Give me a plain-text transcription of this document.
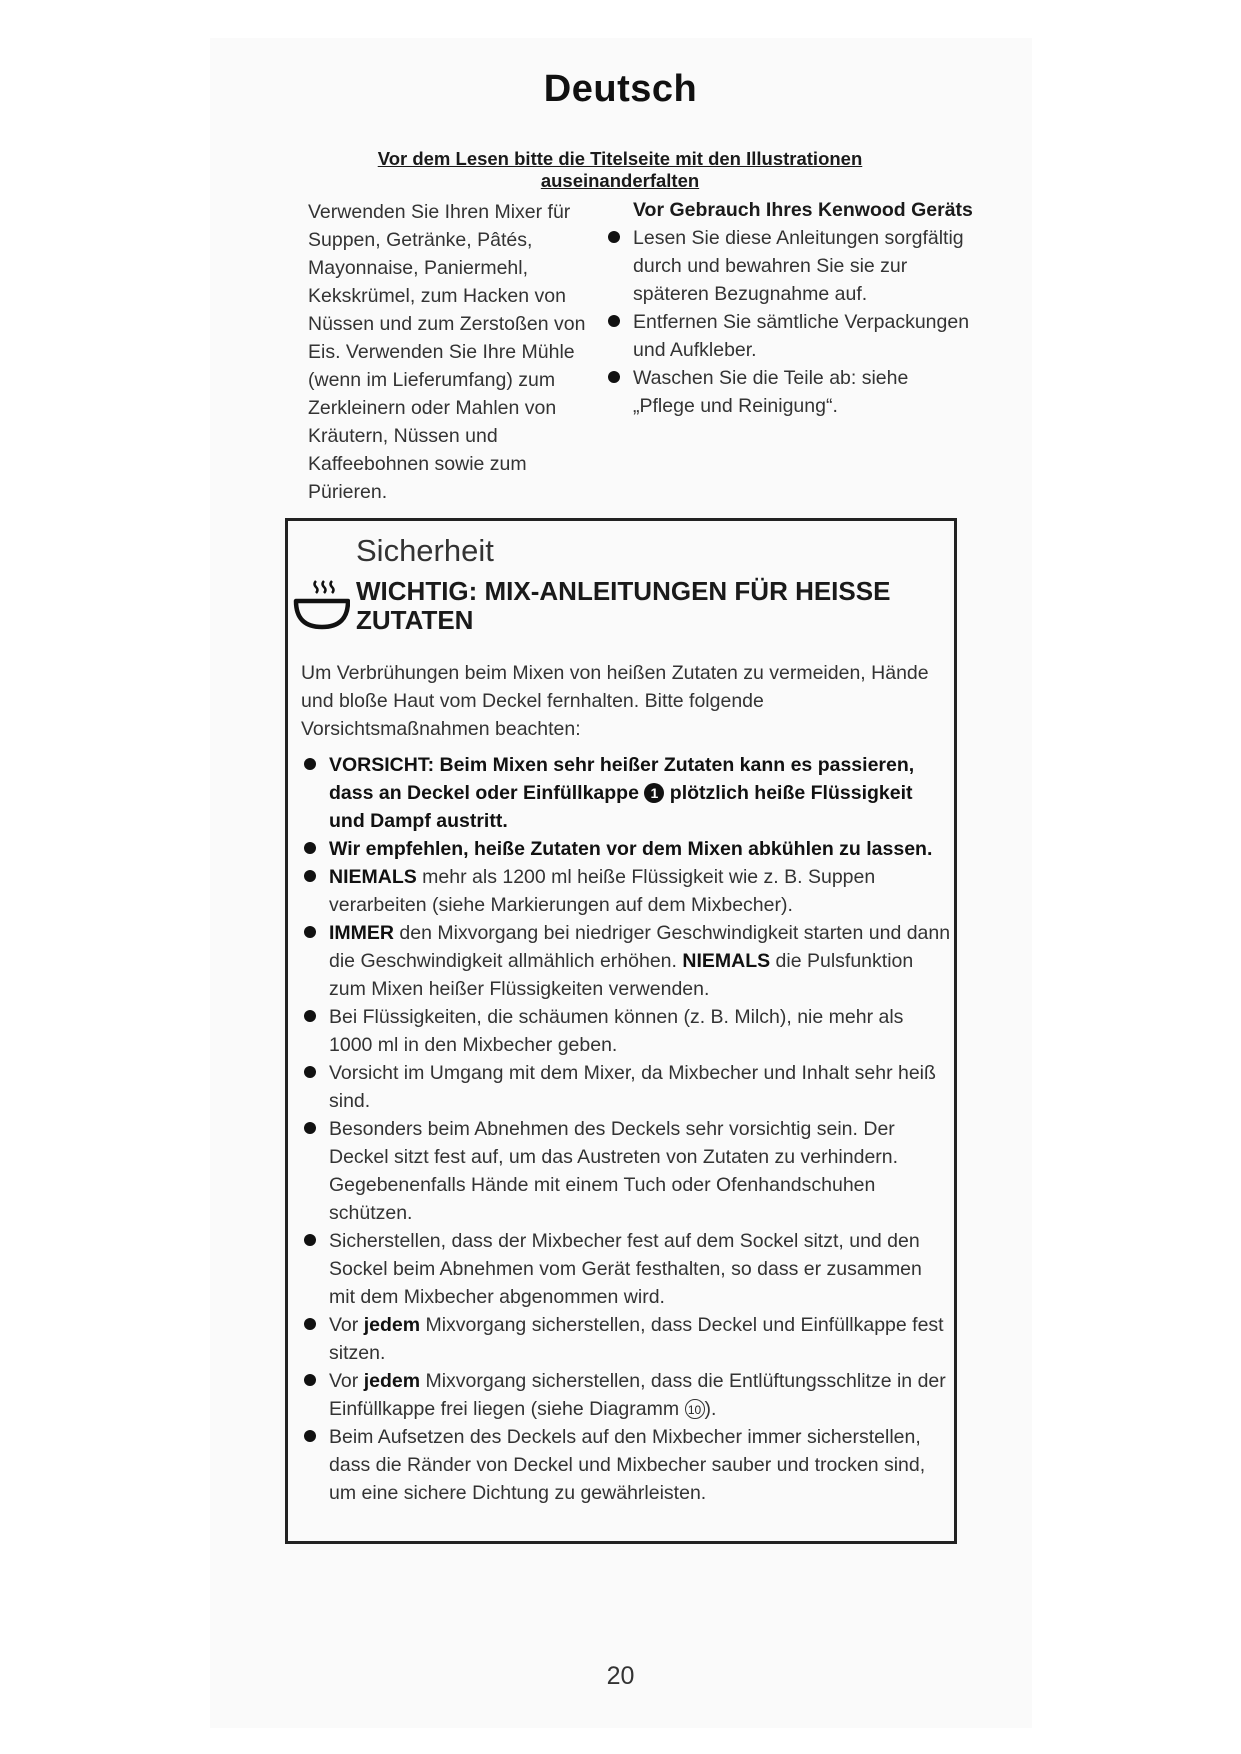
Deutsch
Vor dem Lesen bitte die Titelseite mit den Illustrationen auseinanderfalten
Verwenden Sie Ihren Mixer für Suppen, Getränke, Pâtés, Mayonnaise, Paniermehl, Kekskrümel, zum Hacken von Nüssen und zum Zerstoßen von Eis. Verwenden Sie Ihre Mühle (wenn im Lieferumfang) zum Zerkleinern oder Mahlen von Kräutern, Nüssen und Kaffeebohnen sowie zum Pürieren.

Vor Gebrauch Ihres Kenwood Geräts

Lesen Sie diese Anleitungen sorgfältig durch und bewahren Sie sie zur späteren Bezugnahme auf.
Entfernen Sie sämtliche Verpackungen und Aufkleber.
Waschen Sie die Teile ab: siehe „Pflege und Reinigung“.
Sicherheit
WICHTIG: MIX-ANLEITUNGEN FÜR HEISSE ZUTATEN
Um Verbrühungen beim Mixen von heißen Zutaten zu vermeiden, Hände und bloße Haut vom Deckel fernhalten. Bitte folgende Vorsichtsmaßnahmen beachten:
VORSICHT: Beim Mixen sehr heißer Zutaten kann es passieren, dass an Deckel oder Einfüllkappe 1 plötzlich heiße Flüssigkeit und Dampf austritt.
Wir empfehlen, heiße Zutaten vor dem Mixen abkühlen zu lassen.
NIEMALS mehr als 1200 ml heiße Flüssigkeit wie z. B. Suppen verarbeiten (siehe Markierungen auf dem Mixbecher).
IMMER den Mixvorgang bei niedriger Geschwindigkeit starten und dann die Geschwindigkeit allmählich erhöhen. NIEMALS die Pulsfunktion zum Mixen heißer Flüssigkeiten verwenden.
Bei Flüssigkeiten, die schäumen können (z. B. Milch), nie mehr als 1000 ml in den Mixbecher geben.
Vorsicht im Umgang mit dem Mixer, da Mixbecher und Inhalt sehr heiß sind.
Besonders beim Abnehmen des Deckels sehr vorsichtig sein. Der Deckel sitzt fest auf, um das Austreten von Zutaten zu verhindern. Gegebenenfalls Hände mit einem Tuch oder Ofenhandschuhen schützen.
Sicherstellen, dass der Mixbecher fest auf dem Sockel sitzt, und den Sockel beim Abnehmen vom Gerät festhalten, so dass er zusammen mit dem Mixbecher abgenommen wird.
Vor jedem Mixvorgang sicherstellen, dass Deckel und Einfüllkappe fest sitzen.
Vor jedem Mixvorgang sicherstellen, dass die Entlüftungsschlitze in der Einfüllkappe frei liegen (siehe Diagramm 10 ).
Beim Aufsetzen des Deckels auf den Mixbecher immer sicherstellen, dass die Ränder von Deckel und Mixbecher sauber und trocken sind, um eine sichere Dichtung zu gewährleisten.
20
